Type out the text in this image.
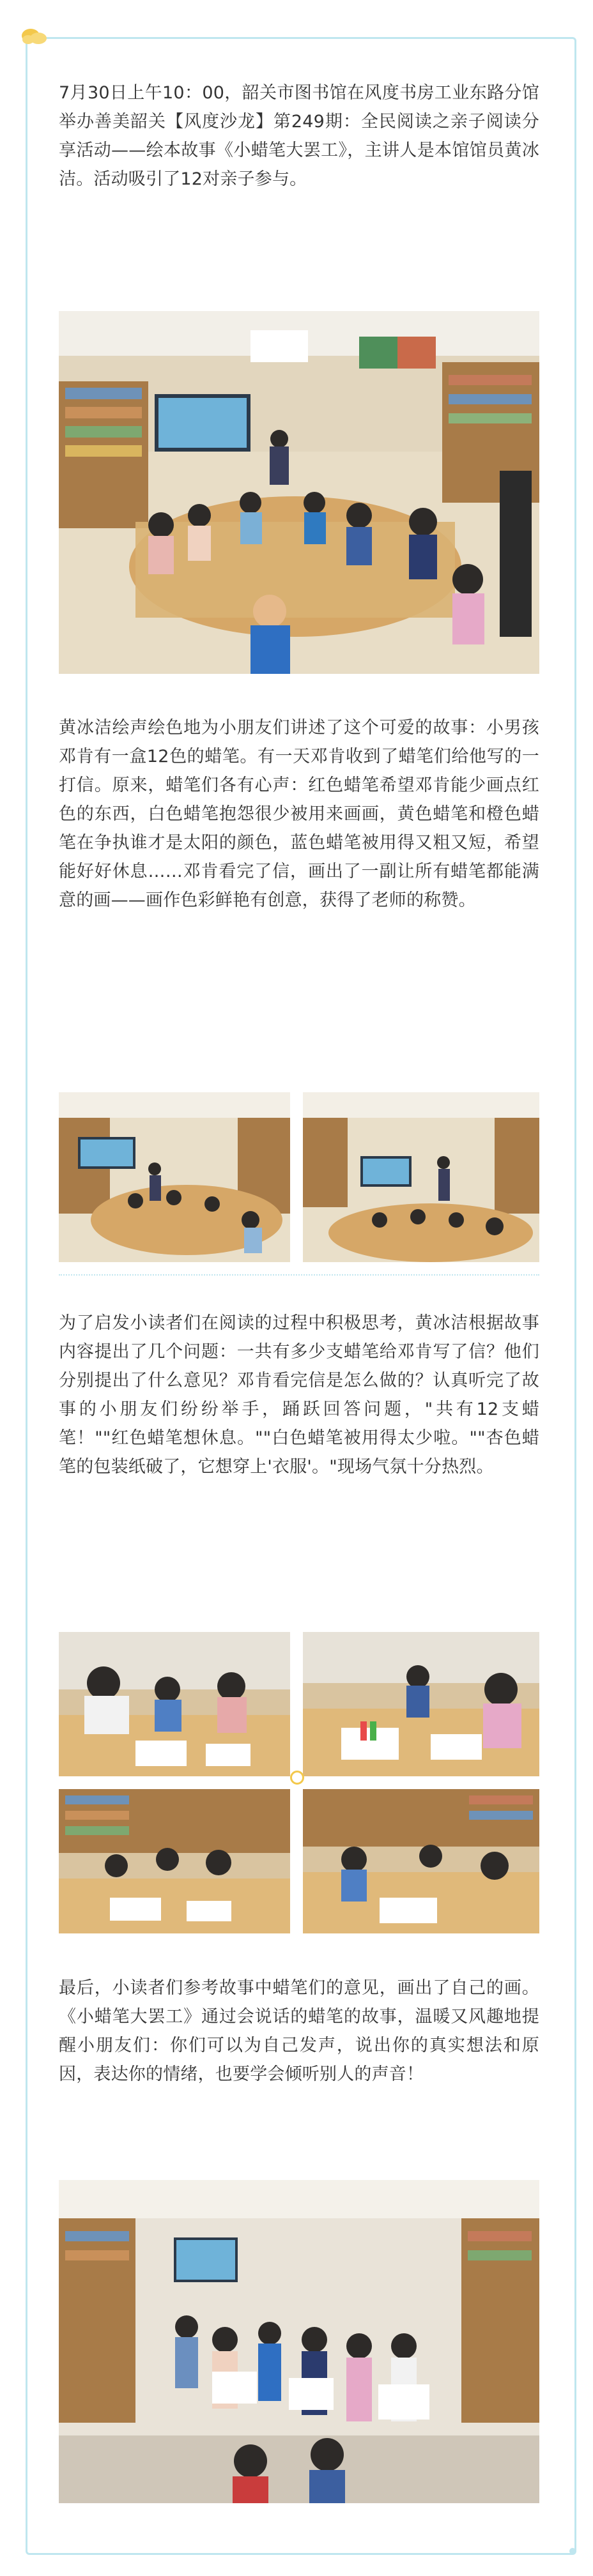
7月30日上午10：00，韶关市图书馆在风度书房工业东路分馆举办善美韶关【风度沙龙】第249期：全民阅读之亲子阅读分享活动——绘本故事《小蜡笔大罢工》，主讲人是本馆馆员黄冰洁。活动吸引了12对亲子参与。

黄冰洁绘声绘色地为小朋友们讲述了这个可爱的故事：小男孩邓肯有一盒12色的蜡笔。有一天邓肯收到了蜡笔们给他写的一打信。原来，蜡笔们各有心声：红色蜡笔希望邓肯能少画点红色的东西，白色蜡笔抱怨很少被用来画画，黄色蜡笔和橙色蜡笔在争执谁才是太阳的颜色，蓝色蜡笔被用得又粗又短，希望能好好休息……邓肯看完了信，画出了一副让所有蜡笔都能满意的画——画作色彩鲜艳有创意，获得了老师的称赞。

为了启发小读者们在阅读的过程中积极思考，黄冰洁根据故事内容提出了几个问题：一共有多少支蜡笔给邓肯写了信？他们分别提出了什么意见？邓肯看完信是怎么做的？认真听完了故事的小朋友们纷纷举手，踊跃回答问题，"共有12支蜡笔！""红色蜡笔想休息。""白色蜡笔被用得太少啦。""杏色蜡笔的包装纸破了，它想穿上'衣服'。"现场气氛十分热烈。

最后，小读者们参考故事中蜡笔们的意见，画出了自己的画。《小蜡笔大罢工》通过会说话的蜡笔的故事，温暖又风趣地提醒小朋友们：你们可以为自己发声，说出你的真实想法和原因，表达你的情绪，也要学会倾听别人的声音！
